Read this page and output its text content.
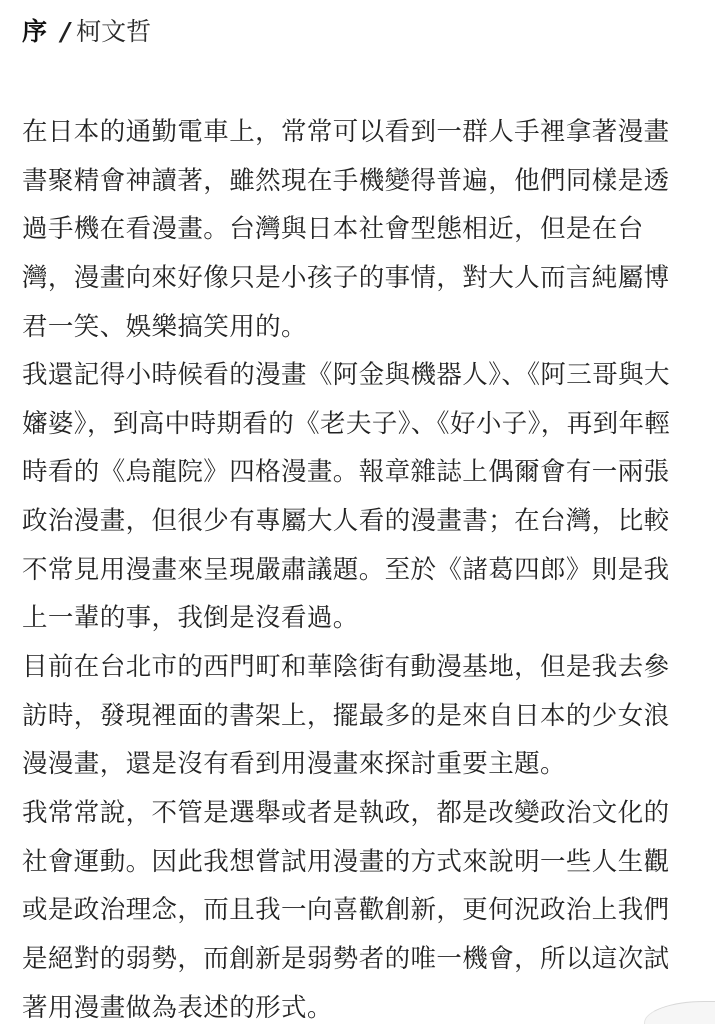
序 / 柯文哲
在日本的通勤電車上，常常可以看到一群人手裡拿著漫畫
書聚精會神讀著，雖然現在手機變得普遍，他們同樣是透
過手機在看漫畫。台灣與日本社會型態相近，但是在台
灣，漫畫向來好像只是小孩子的事情，對大人而言純屬博
君一笑、娛樂搞笑用的。
我還記得小時候看的漫畫《阿金與機器人》、《阿三哥與大
嬸婆》，到高中時期看的《老夫子》、《好小子》，再到年輕
時看的《烏龍院》四格漫畫。報章雜誌上偶爾會有一兩張
政治漫畫，但很少有專屬大人看的漫畫書；在台灣，比較
不常見用漫畫來呈現嚴肅議題。至於《諸葛四郎》則是我
上一輩的事，我倒是沒看過。
目前在台北市的西門町和華陰街有動漫基地，但是我去參
訪時，發現裡面的書架上，擺最多的是來自日本的少女浪
漫漫畫，還是沒有看到用漫畫來探討重要主題。
我常常說，不管是選舉或者是執政，都是改變政治文化的
社會運動。因此我想嘗試用漫畫的方式來說明一些人生觀
或是政治理念，而且我一向喜歡創新，更何況政治上我們
是絕對的弱勢，而創新是弱勢者的唯一機會，所以這次試
著用漫畫做為表述的形式。
